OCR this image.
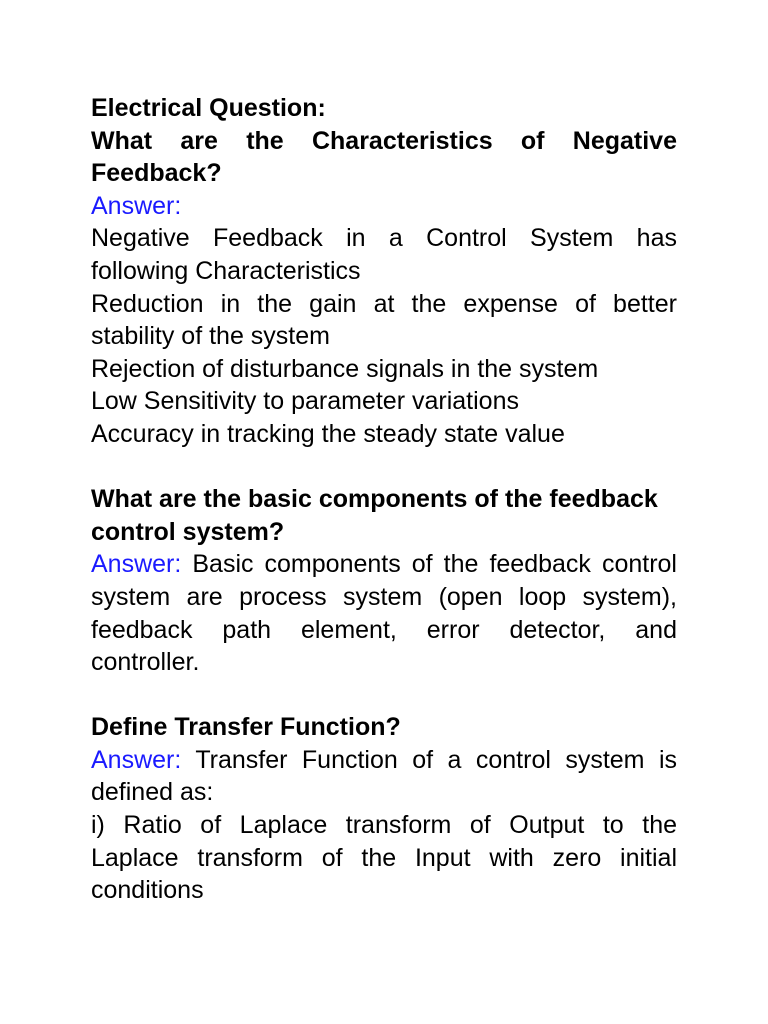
Electrical Question:

What are the Characteristics of Negative Feedback?

Answer:

Negative Feedback in a Control System has following Characteristics

Reduction in the gain at the expense of better stability of the system

Rejection of disturbance signals in the system

Low Sensitivity to parameter variations

Accuracy in tracking the steady state value

What are the basic components of the feedback control system?

Answer: Basic components of the feedback control system are process system (open loop system), feedback path element, error detector, and controller.

Define Transfer Function?

Answer: Transfer Function of a control system is defined as:

i) Ratio of Laplace transform of Output to the Laplace transform of the Input with zero initial conditions
